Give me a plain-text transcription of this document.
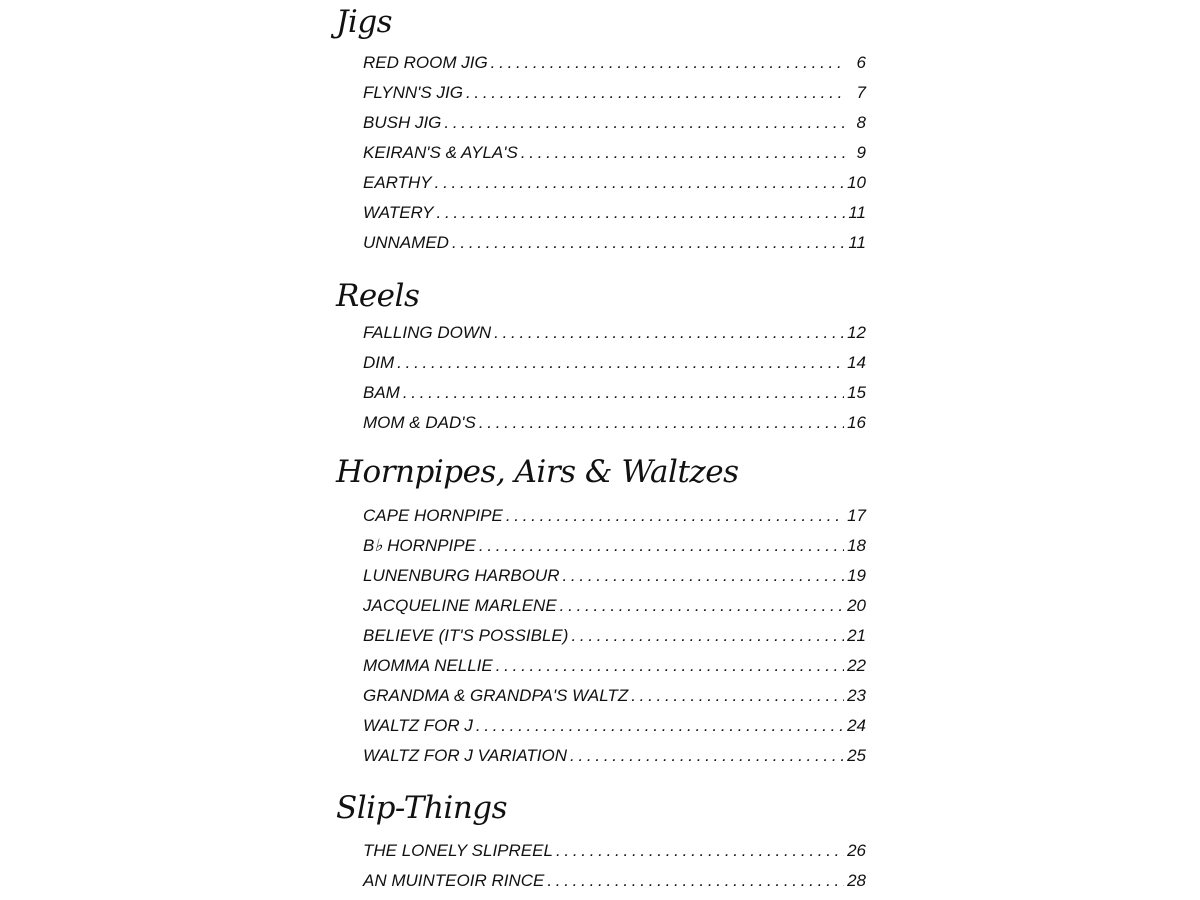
Jigs
RED ROOM JIG . . .	6
FLYNN'S JIG . . .	7
BUSH JIG . . .	8
KEIRAN'S & AYLA'S . . .	9
EARTHY . . .	10
WATERY . . .	11
UNNAMED . . .	11
Reels
FALLING DOWN . . .	12
DIM . . .	14
BAM . . .	15
MOM & DAD'S . . .	16
Hornpipes, Airs & Waltzes
CAPE HORNPIPE . . .	17
B♭ HORNPIPE . . .	18
LUNENBURG HARBOUR . . .	19
JACQUELINE MARLENE . . .	20
BELIEVE (IT'S POSSIBLE) . . .	21
MOMMA NELLIE . . .	22
GRANDMA & GRANDPA'S WALTZ . . .	23
WALTZ FOR J . . .	24
WALTZ FOR J VARIATION . . .	25
Slip-Things
THE LONELY SLIPREEL . . .	26
AN MUINTEOIR RINCE . . .	28
